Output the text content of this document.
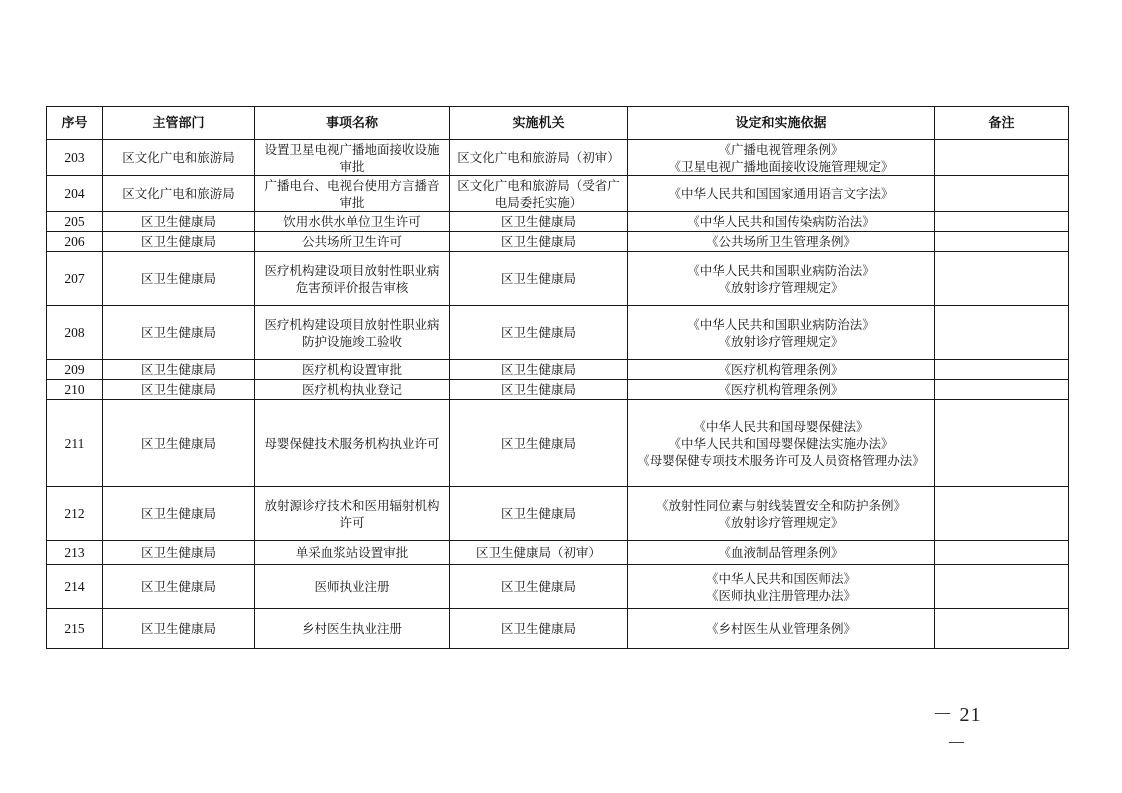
序号	主管部门	事项名称	实施机关	设定和实施依据	备注
203	区文化广电和旅游局	设置卫星电视广播地面接收设施审批	区文化广电和旅游局（初审）	《广播电视管理条例》
《卫星电视广播地面接收设施管理规定》	

204	区文化广电和旅游局	广播电台、电视台使用方言播音审批	区文化广电和旅游局（受省广电局委托实施）	《中华人民共和国国家通用语言文字法》	

205	区卫生健康局	饮用水供水单位卫生许可	区卫生健康局	《中华人民共和国传染病防治法》	

206	区卫生健康局	公共场所卫生许可	区卫生健康局	《公共场所卫生管理条例》	

207	区卫生健康局	医疗机构建设项目放射性职业病危害预评价报告审核	区卫生健康局	《中华人民共和国职业病防治法》
《放射诊疗管理规定》	

208	区卫生健康局	医疗机构建设项目放射性职业病防护设施竣工验收	区卫生健康局	《中华人民共和国职业病防治法》
《放射诊疗管理规定》	

209	区卫生健康局	医疗机构设置审批	区卫生健康局	《医疗机构管理条例》	

210	区卫生健康局	医疗机构执业登记	区卫生健康局	《医疗机构管理条例》	

211	区卫生健康局	母婴保健技术服务机构执业许可	区卫生健康局	《中华人民共和国母婴保健法》
《中华人民共和国母婴保健法实施办法》
《母婴保健专项技术服务许可及人员资格管理办法》	

212	区卫生健康局	放射源诊疗技术和医用辐射机构许可	区卫生健康局	《放射性同位素与射线装置安全和防护条例》
《放射诊疗管理规定》	

213	区卫生健康局	单采血浆站设置审批	区卫生健康局（初审）	《血液制品管理条例》	

214	区卫生健康局	医师执业注册	区卫生健康局	《中华人民共和国医师法》
《医师执业注册管理办法》	

215	区卫生健康局	乡村医生执业注册	区卫生健康局	《乡村医生从业管理条例》	

－ 21 －
